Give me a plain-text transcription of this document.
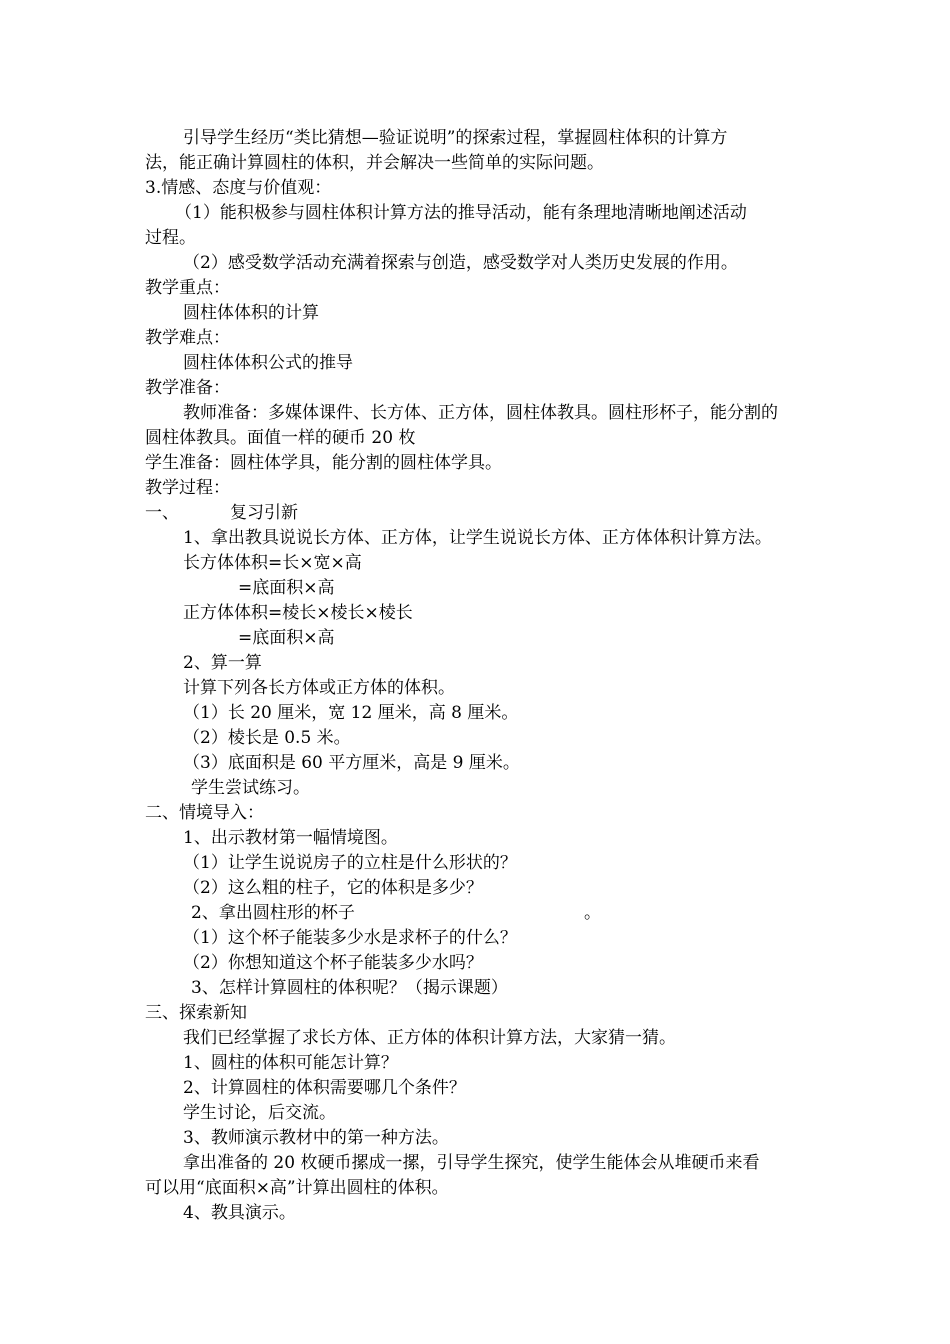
引导学生经历“类比猜想—验证说明”的探索过程，掌握圆柱体积的计算方
法，能正确计算圆柱的体积，并会解决一些简单的实际问题。
3.情感、态度与价值观：
（1）能积极参与圆柱体积计算方法的推导活动，能有条理地清晰地阐述活动
过程。
（2）感受数学活动充满着探索与创造，感受数学对人类历史发展的作用。
教学重点：
圆柱体体积的计算
教学难点：
圆柱体体积公式的推导
教学准备：
教师准备：多媒体课件、长方体、正方体，圆柱体教具。圆柱形杯子，能分割的
圆柱体教具。面值一样的硬币 20 枚
学生准备：圆柱体学具，能分割的圆柱体学具。
教学过程：
一、	复习引新
1、拿出教具说说长方体、正方体，让学生说说长方体、正方体体积计算方法。
长方体体积=长×宽×高
=底面积×高
正方体体积=棱长×棱长×棱长
=底面积×高
2、算一算
计算下列各长方体或正方体的体积。
（1）长 20 厘米，宽 12 厘米，高 8 厘米。
（2）棱长是 0.5 米。
（3）底面积是 60 平方厘米，高是 9 厘米。
学生尝试练习。
二、情境导入：
1、出示教材第一幅情境图。
（1）让学生说说房子的立柱是什么形状的？
（2）这么粗的柱子，它的体积是多少？
2、拿出圆柱形的杯子	。
（1）这个杯子能装多少水是求杯子的什么？
（2）你想知道这个杯子能装多少水吗？
3、怎样计算圆柱的体积呢？（揭示课题）
三、探索新知
我们已经掌握了求长方体、正方体的体积计算方法，大家猜一猜。
1、圆柱的体积可能怎计算？
2、计算圆柱的体积需要哪几个条件？
学生讨论，后交流。
3、教师演示教材中的第一种方法。
拿出准备的 20 枚硬币摞成一摞，引导学生探究，使学生能体会从堆硬币来看
可以用“底面积×高”计算出圆柱的体积。
4、教具演示。
